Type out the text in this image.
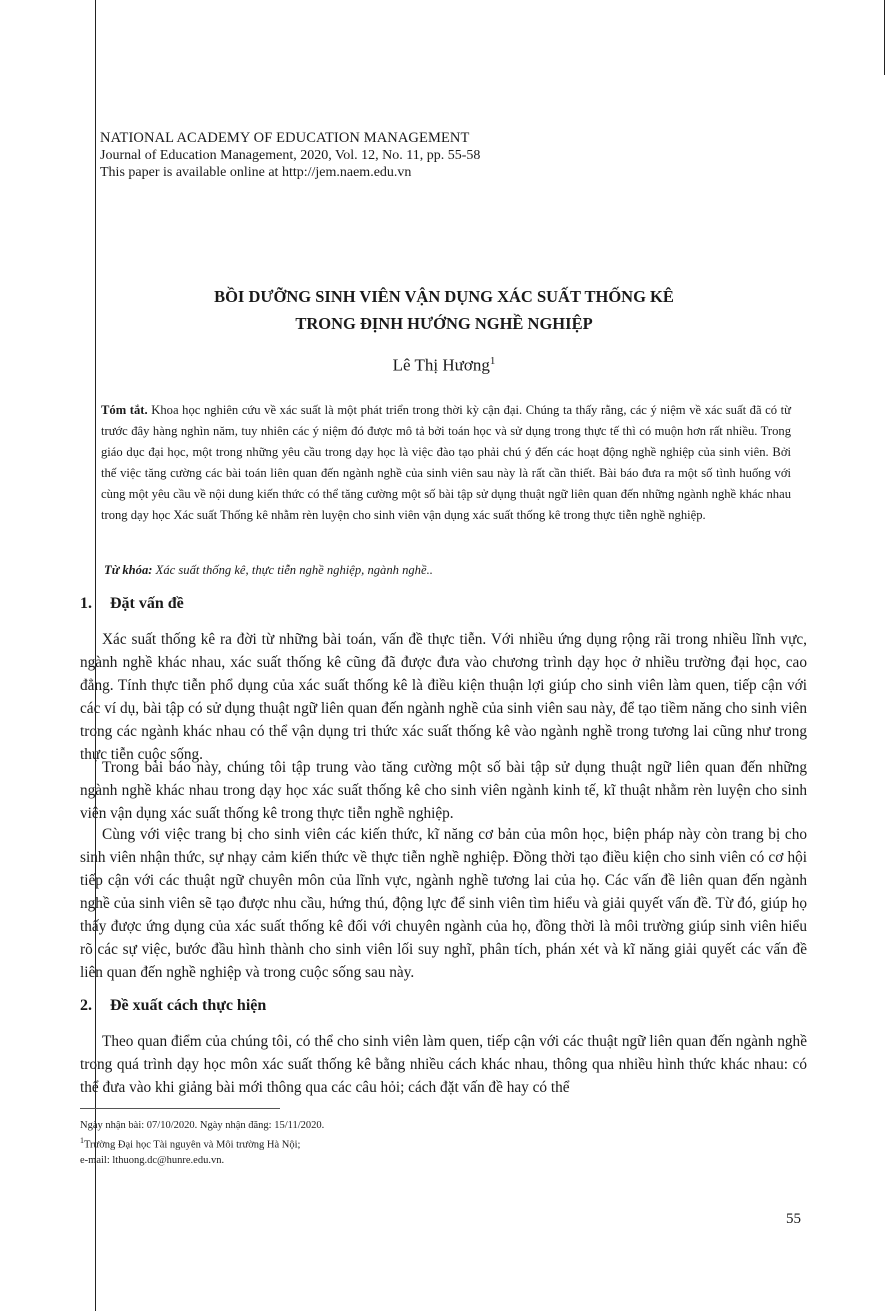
NATIONAL ACADEMY OF EDUCATION MANAGEMENT
Journal of Education Management, 2020, Vol. 12, No. 11, pp. 55-58
This paper is available online at http://jem.naem.edu.vn
BỒI DƯỠNG SINH VIÊN VẬN DỤNG XÁC SUẤT THỐNG KÊ
TRONG ĐỊNH HƯỚNG NGHỀ NGHIỆP
Lê Thị Hương$^1$
Tóm tắt. Khoa học nghiên cứu về xác suất là một phát triển trong thời kỳ cận đại. Chúng ta thấy rằng, các ý niệm về xác suất đã có từ trước đây hàng nghìn năm, tuy nhiên các ý niệm đó được mô tả bởi toán học và sử dụng trong thực tế thì có muộn hơn rất nhiều. Trong giáo dục đại học, một trong những yêu cầu trong dạy học là việc đào tạo phải chú ý đến các hoạt động nghề nghiệp của sinh viên. Bởi thế việc tăng cường các bài toán liên quan đến ngành nghề của sinh viên sau này là rất cần thiết. Bài báo đưa ra một số tình huống với cùng một yêu cầu về nội dung kiến thức có thể tăng cường một số bài tập sử dụng thuật ngữ liên quan đến những ngành nghề khác nhau trong dạy học Xác suất Thống kê nhằm rèn luyện cho sinh viên vận dụng xác suất thống kê trong thực tiễn nghề nghiệp.
Từ khóa: Xác suất thống kê, thực tiễn nghề nghiệp, ngành nghề..
1. Đặt vấn đề

Xác suất thống kê ra đời từ những bài toán, vấn đề thực tiễn. Với nhiều ứng dụng rộng rãi trong nhiều lĩnh vực, ngành nghề khác nhau, xác suất thống kê cũng đã được đưa vào chương trình dạy học ở nhiều trường đại học, cao đẳng. Tính thực tiễn phổ dụng của xác suất thống kê là điều kiện thuận lợi giúp cho sinh viên làm quen, tiếp cận với các ví dụ, bài tập có sử dụng thuật ngữ liên quan đến ngành nghề của sinh viên sau này, để tạo tiềm năng cho sinh viên trong các ngành khác nhau có thể vận dụng tri thức xác suất thống kê vào ngành nghề trong tương lai cũng như trong thực tiễn cuộc sống.

Trong bài báo này, chúng tôi tập trung vào tăng cường một số bài tập sử dụng thuật ngữ liên quan đến những ngành nghề khác nhau trong dạy học xác suất thống kê cho sinh viên ngành kinh tế, kĩ thuật nhằm rèn luyện cho sinh viên vận dụng xác suất thống kê trong thực tiễn nghề nghiệp.

Cùng với việc trang bị cho sinh viên các kiến thức, kĩ năng cơ bản của môn học, biện pháp này còn trang bị cho sinh viên nhận thức, sự nhạy cảm kiến thức về thực tiễn nghề nghiệp. Đồng thời tạo điều kiện cho sinh viên có cơ hội tiếp cận với các thuật ngữ chuyên môn của lĩnh vực, ngành nghề tương lai của họ. Các vấn đề liên quan đến ngành nghề của sinh viên sẽ tạo được nhu cầu, hứng thú, động lực để sinh viên tìm hiểu và giải quyết vấn đề. Từ đó, giúp họ thấy được ứng dụng của xác suất thống kê đối với chuyên ngành của họ, đồng thời là môi trường giúp sinh viên hiểu rõ các sự việc, bước đầu hình thành cho sinh viên lối suy nghĩ, phân tích, phán xét và kĩ năng giải quyết các vấn đề liên quan đến nghề nghiệp và trong cuộc sống sau này.

2. Đề xuất cách thực hiện

Theo quan điểm của chúng tôi, có thể cho sinh viên làm quen, tiếp cận với các thuật ngữ liên quan đến ngành nghề trong quá trình dạy học môn xác suất thống kê bằng nhiều cách khác nhau, thông qua nhiều hình thức khác nhau: có thể đưa vào khi giảng bài mới thông qua các câu hỏi; cách đặt vấn đề hay có thể

Ngày nhận bài: 07/10/2020. Ngày nhận đăng: 15/11/2020.
$^1$Trường Đại học Tài nguyên và Môi trường Hà Nội;
e-mail: lthuong.dc@hunre.edu.vn.
55
